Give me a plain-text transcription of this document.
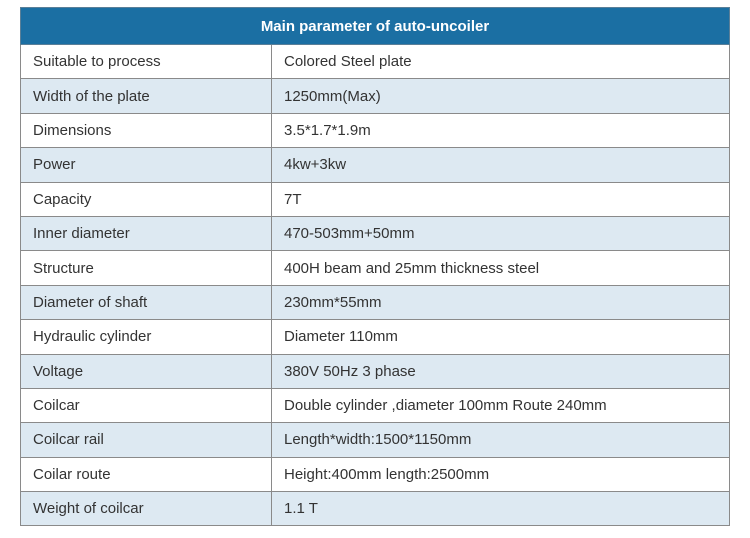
Main parameter of auto-uncoiler	
Suitable to process	Colored Steel plate
Width of the plate	1250mm(Max)
Dimensions	3.5*1.7*1.9m
Power	4kw+3kw
Capacity	7T
Inner diameter	470-503mm+50mm
Structure	400H beam and 25mm thickness steel
Diameter of shaft	230mm*55mm
Hydraulic cylinder	Diameter 110mm
Voltage	380V 50Hz 3 phase
Coilcar	Double cylinder ,diameter 100mm Route 240mm
Coilcar rail	Length*width:1500*1150mm
Coilar route	Height:400mm length:2500mm
Weight of coilcar	1.1 T
